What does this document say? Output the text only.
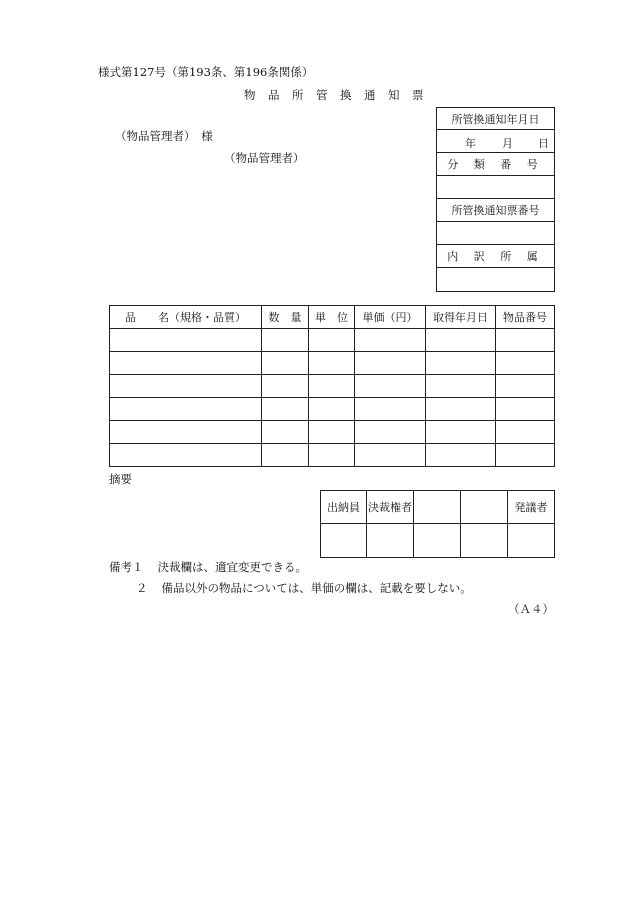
様式第127号（第193条、第196条関係）
物品所管換通知票
（物品管理者）　様
（物品管理者）
所管換通知年月日

年 月 日

分 類 番 号

所管換通知票番号

内 訳 所 属

品　　名（規格・品質）	数　量	単　位	単価（円）	取得年月日	物品番号

摘要
出納員	決裁権者			発議者

備考１ 決裁欄は、適宜変更できる。
２ 備品以外の物品については、単価の欄は、記載を要しない。
（Ａ４）
